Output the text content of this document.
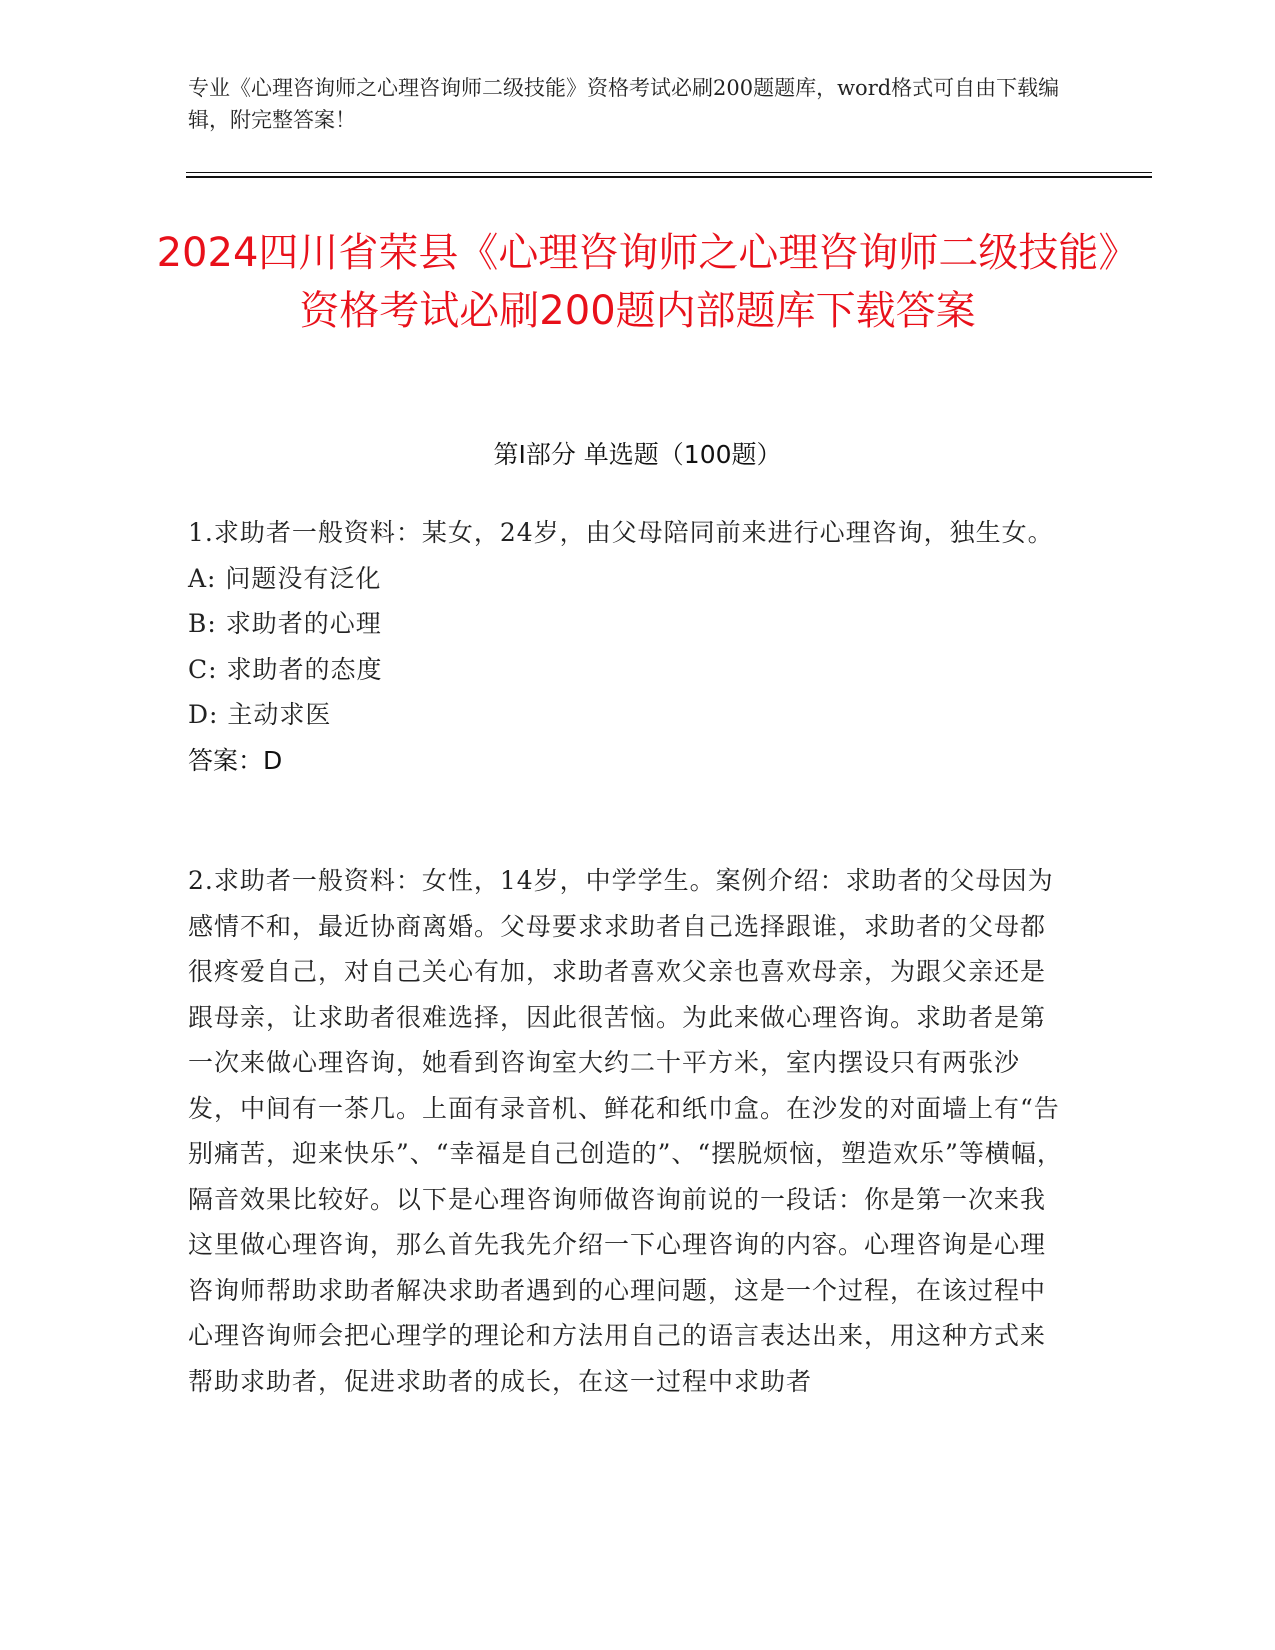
专业《心理咨询师之心理咨询师二级技能》资格考试必刷200题题库，word格式可自由下载编辑，附完整答案！
2024四川省荣县《心理咨询师之心理咨询师二级技能》资格考试必刷200题内部题库下载答案
第I部分 单选题（100题）

1.求助者一般资料：某女，24岁，由父母陪同前来进行心理咨询，独生女。

A: 问题没有泛化

B: 求助者的心理

C: 求助者的态度

D: 主动求医

答案：D

2.求助者一般资料：女性，14岁，中学学生。案例介绍：求助者的父母因为感情不和，最近协商离婚。父母要求求助者自己选择跟谁，求助者的父母都很疼爱自己，对自己关心有加，求助者喜欢父亲也喜欢母亲，为跟父亲还是跟母亲，让求助者很难选择，因此很苦恼。为此来做心理咨询。求助者是第一次来做心理咨询，她看到咨询室大约二十平方米，室内摆设只有两张沙发，中间有一茶几。上面有录音机、鲜花和纸巾盒。在沙发的对面墙上有“告别痛苦，迎来快乐”、“幸福是自己创造的”、“摆脱烦恼，塑造欢乐”等横幅，隔音效果比较好。以下是心理咨询师做咨询前说的一段话：你是第一次来我这里做心理咨询，那么首先我先介绍一下心理咨询的内容。心理咨询是心理咨询师帮助求助者解决求助者遇到的心理问题，这是一个过程，在该过程中心理咨询师会把心理学的理论和方法用自己的语言表达出来，用这种方式来帮助求助者，促进求助者的成长，在这一过程中求助者
